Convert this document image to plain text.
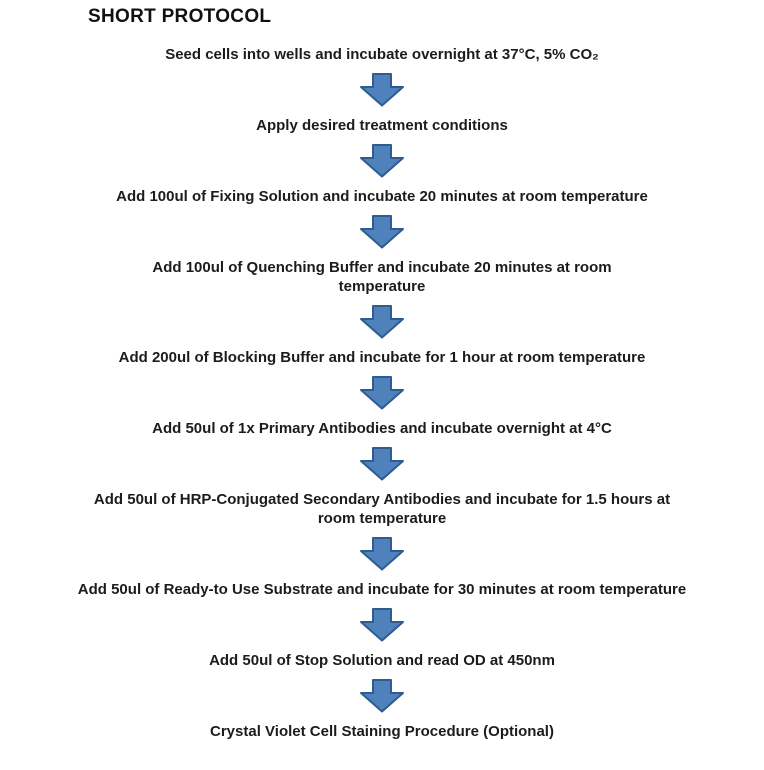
SHORT PROTOCOL
Seed cells into wells and incubate overnight at 37°C, 5% CO₂
Apply desired treatment conditions
Add 100ul of Fixing Solution and incubate 20 minutes at room temperature
Add 100ul of Quenching Buffer and incubate 20 minutes at room temperature
Add 200ul of Blocking Buffer and incubate for 1 hour at room temperature
Add 50ul of 1x Primary Antibodies and incubate overnight at 4°C
Add 50ul of HRP-Conjugated Secondary Antibodies and incubate for 1.5 hours at room temperature
Add 50ul of Ready-to Use Substrate and incubate for 30 minutes at room temperature
Add 50ul of Stop Solution and read OD at 450nm
Crystal Violet Cell Staining Procedure (Optional)
